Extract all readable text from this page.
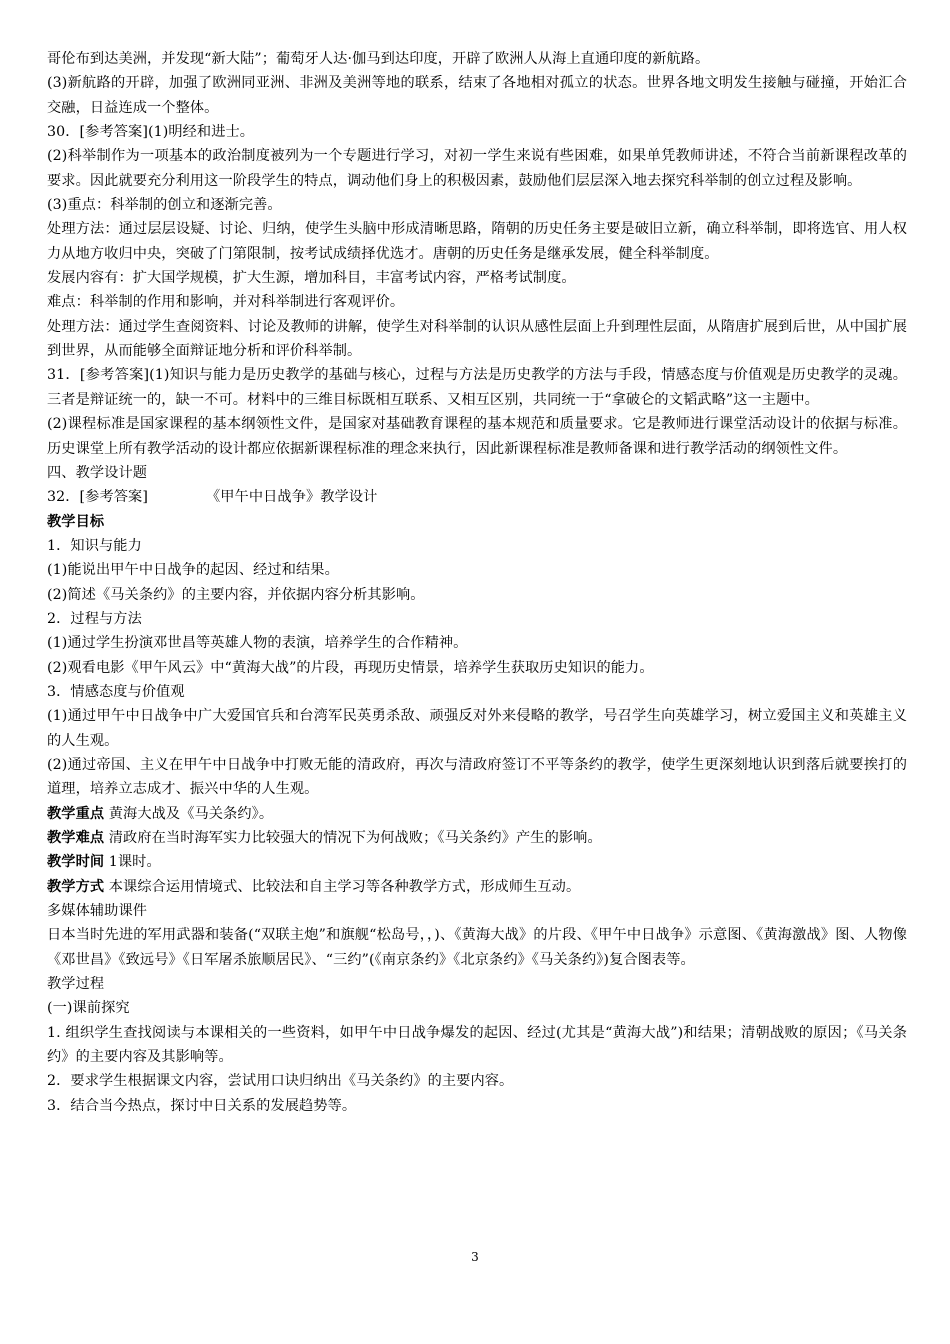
哥伦布到达美洲，并发现“新大陆”；葡萄牙人达·伽马到达印度，开辟了欧洲人从海上直通印度的新航路。

(3)新航路的开辟，加强了欧洲同亚洲、非洲及美洲等地的联系，结束了各地相对孤立的状态。世界各地文明发生接触与碰撞，开始汇合交融，日益连成一个整体。

30．[参考答案](1)明经和进士。

(2)科举制作为一项基本的政治制度被列为一个专题进行学习，对初一学生来说有些困难，如果单凭教师讲述，不符合当前新课程改革的要求。因此就要充分利用这一阶段学生的特点，调动他们身上的积极因素，鼓励他们层层深入地去探究科举制的创立过程及影响。

(3)重点：科举制的创立和逐渐完善。

处理方法：通过层层设疑、讨论、归纳，使学生头脑中形成清晰思路，隋朝的历史任务主要是破旧立新，确立科举制，即将选官、用人权力从地方收归中央，突破了门第限制，按考试成绩择优选才。唐朝的历史任务是继承发展，健全科举制度。

发展内容有：扩大国学规模，扩大生源，增加科目，丰富考试内容，严格考试制度。

难点：科举制的作用和影响，并对科举制进行客观评价。

处理方法：通过学生查阅资料、讨论及教师的讲解，使学生对科举制的认识从感性层面上升到理性层面，从隋唐扩展到后世，从中国扩展到世界，从而能够全面辩证地分析和评价科举制。

31．[参考答案](1)知识与能力是历史教学的基础与核心，过程与方法是历史教学的方法与手段，情感态度与价值观是历史教学的灵魂。三者是辩证统一的，缺一不可。材料中的三维目标既相互联系、又相互区别，共同统一于“拿破仑的文韬武略”这一主题中。

(2)课程标准是国家课程的基本纲领性文件，是国家对基础教育课程的基本规范和质量要求。它是教师进行课堂活动设计的依据与标准。历史课堂上所有教学活动的设计都应依据新课程标准的理念来执行，因此新课程标准是教师备课和进行教学活动的纲领性文件。

四、教学设计题

32．[参考答案]	《甲午中日战争》教学设计

教学目标

1．知识与能力

(1)能说出甲午中日战争的起因、经过和结果。

(2)简述《马关条约》的主要内容，并依据内容分析其影响。

2．过程与方法

(1)通过学生扮演邓世昌等英雄人物的表演，培养学生的合作精神。

(2)观看电影《甲午风云》中“黄海大战”的片段，再现历史情景，培养学生获取历史知识的能力。

3．情感态度与价值观

(1)通过甲午中日战争中广大爱国官兵和台湾军民英勇杀敌、顽强反对外来侵略的教学，号召学生向英雄学习，树立爱国主义和英雄主义的人生观。

(2)通过帝国、主义在甲午中日战争中打败无能的清政府，再次与清政府签订不平等条约的教学，使学生更深刻地认识到落后就要挨打的道理，培养立志成才、振兴中华的人生观。

教学重点 黄海大战及《马关条约》。

教学难点 清政府在当时海军实力比较强大的情况下为何战败；《马关条约》产生的影响。

教学时间 1课时。

教学方式 本课综合运用情境式、比较法和自主学习等各种教学方式，形成师生互动。

多媒体辅助课件

日本当时先进的军用武器和装备(“双联主炮”和旗舰“松岛号，，)、《黄海大战》的片段、《甲午中日战争》示意图、《黄海激战》图、人物像《邓世昌》《致远号》《日军屠杀旅顺居民》、“三约”(《南京条约》《北京条约》《马关条约》)复合图表等。

教学过程

(一)课前探究

1. 组织学生查找阅读与本课相关的一些资料，如甲午中日战争爆发的起因、经过(尤其是“黄海大战”)和结果；清朝战败的原因；《马关条约》的主要内容及其影响等。

2．要求学生根据课文内容，尝试用口诀归纳出《马关条约》的主要内容。

3．结合当今热点，探讨中日关系的发展趋势等。

3
